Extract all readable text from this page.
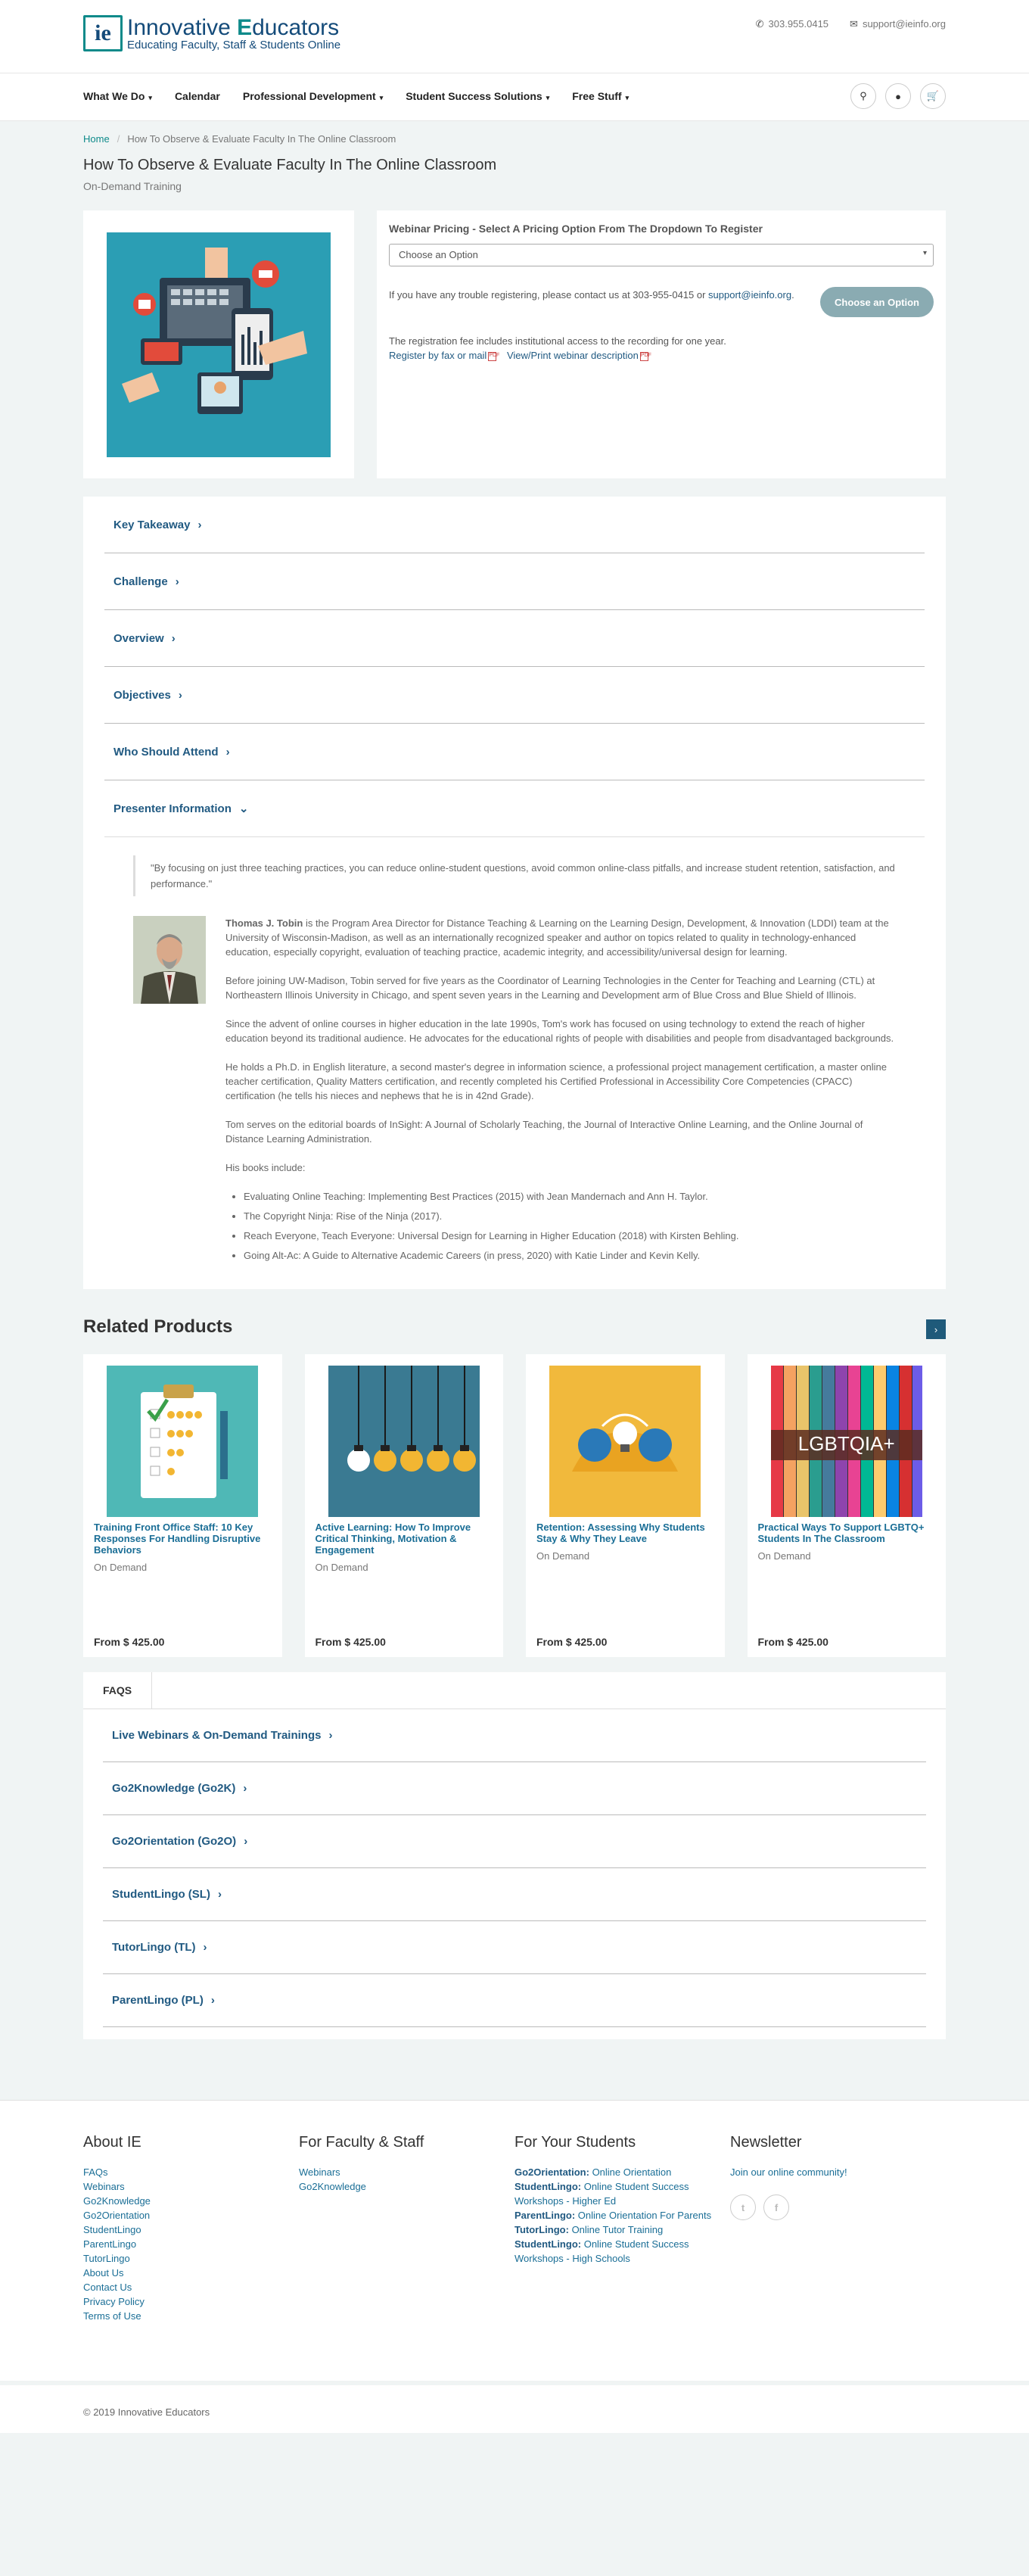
ie Innovative Educators
Educating Faculty, Staff & Students Online
✆ 303.955.0415 ✉ support@ieinfo.org
What We Do ▾ Calendar Professional Development ▾ Student Success Solutions ▾ Free Stuff ▾	⚲	●	🛒
Home / How To Observe & Evaluate Faculty In The Online Classroom
How To Observe & Evaluate Faculty In The Online Classroom
On-Demand Training
Webinar Pricing - Select A Pricing Option From The Dropdown To Register
Choose an Option ▾
If you have any trouble registering, please contact us at 303-955-0415 or support@ieinfo.org.
Choose an Option
The registration fee includes institutional access to the recording for one year.
Register by fax or mail PDF View/Print webinar description PDF
Key Takeaway ›
Challenge ›
Overview ›
Objectives ›
Who Should Attend ›
Presenter Information ⌄
"By focusing on just three teaching practices, you can reduce online-student questions, avoid common online-class pitfalls, and increase student retention, satisfaction, and performance."

Thomas J. Tobin is the Program Area Director for Distance Teaching & Learning on the Learning Design, Development, & Innovation (LDDI) team at the University of Wisconsin-Madison, as well as an internationally recognized speaker and author on topics related to quality in technology-enhanced education, especially copyright, evaluation of teaching practice, academic integrity, and accessibility/universal design for learning.

Before joining UW-Madison, Tobin served for five years as the Coordinator of Learning Technologies in the Center for Teaching and Learning (CTL) at Northeastern Illinois University in Chicago, and spent seven years in the Learning and Development arm of Blue Cross and Blue Shield of Illinois.

Since the advent of online courses in higher education in the late 1990s, Tom's work has focused on using technology to extend the reach of higher education beyond its traditional audience. He advocates for the educational rights of people with disabilities and people from disadvantaged backgrounds.

He holds a Ph.D. in English literature, a second master's degree in information science, a professional project management certification, a master online teacher certification, Quality Matters certification, and recently completed his Certified Professional in Accessibility Core Competencies (CPACC) certification (he tells his nieces and nephews that he is in 42nd Grade).

Tom serves on the editorial boards of InSight: A Journal of Scholarly Teaching, the Journal of Interactive Online Learning, and the Online Journal of Distance Learning Administration.

His books include:

• Evaluating Online Teaching: Implementing Best Practices (2015) with Jean Mandernach and Ann H. Taylor.
• The Copyright Ninja: Rise of the Ninja (2017).
• Reach Everyone, Teach Everyone: Universal Design for Learning in Higher Education (2018) with Kirsten Behling.
• Going Alt-Ac: A Guide to Alternative Academic Careers (in press, 2020) with Katie Linder and Kevin Kelly.
Related Products	›
Training Front Office Staff: 10 Key Responses For Handling Disruptive Behaviors
On Demand
From $ 425.00
Active Learning: How To Improve Critical Thinking, Motivation & Engagement
On Demand
From $ 425.00
Retention: Assessing Why Students Stay & Why They Leave
On Demand
From $ 425.00
LGBTQIA+
Practical Ways To Support LGBTQ+ Students In The Classroom
On Demand
From $ 425.00
FAQS
Live Webinars & On-Demand Trainings ›
Go2Knowledge (Go2K) ›
Go2Orientation (Go2O) ›
StudentLingo (SL) ›
TutorLingo (TL) ›
ParentLingo (PL) ›
About IE
FAQs
Webinars
Go2Knowledge
Go2Orientation
StudentLingo
ParentLingo
TutorLingo
About Us
Contact Us
Privacy Policy
Terms of Use
For Faculty & Staff
Webinars
Go2Knowledge
For Your Students
Go2Orientation: Online Orientation
StudentLingo: Online Student Success Workshops - Higher Ed
ParentLingo: Online Orientation For Parents
TutorLingo: Online Tutor Training
StudentLingo: Online Student Success Workshops - High Schools
Newsletter
Join our online community!
t	f
© 2019 Innovative Educators
